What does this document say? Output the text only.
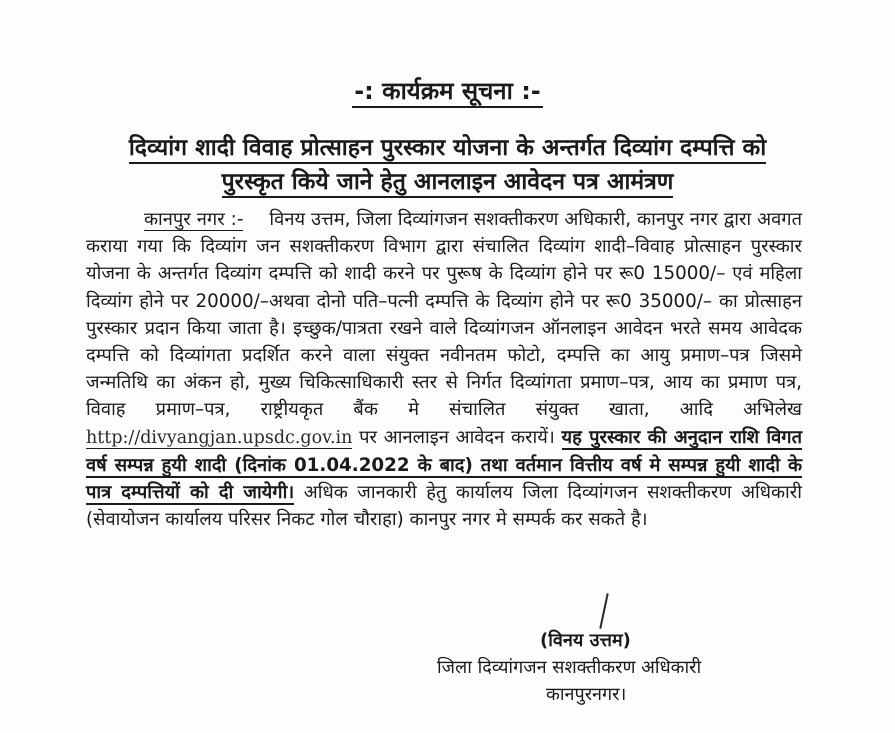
-: कार्यक्रम सूचना :-
दिव्यांग शादी विवाह प्रोत्साहन पुरस्कार योजना के अन्तर्गत दिव्यांग दम्पत्ति को
पुरस्कृत किये जाने हेतु आनलाइन आवेदन पत्र आमंत्रण
कानपुर नगर :- विनय उत्तम, जिला दिव्यांगजन सशक्तीकरण अधिकारी, कानपुर नगर द्वारा अवगत कराया गया कि दिव्यांग जन सशक्तीकरण विभाग द्वारा संचालित दिव्यांग शादी–विवाह प्रोत्साहन पुरस्कार योजना के अन्तर्गत दिव्यांग दम्पत्ति को शादी करने पर पुरूष के दिव्यांग होने पर रू0 15000/– एवं महिला दिव्यांग होने पर 20000/–अथवा दोनो पति–पत्नी दम्पत्ति के दिव्यांग होने पर रू0 35000/– का प्रोत्साहन पुरस्कार प्रदान किया जाता है। इच्छुक/पात्रता रखने वाले दिव्यांगजन ऑनलाइन आवेदन भरते समय आवेदक दम्पत्ति को दिव्यांगता प्रदर्शित करने वाला संयुक्त नवीनतम फोटो, दम्पत्ति का आयु प्रमाण–पत्र जिसमे जन्मतिथि का अंकन हो, मुख्य चिकित्साधिकारी स्तर से निर्गत दिव्यांगता प्रमाण–पत्र, आय का प्रमाण पत्र, विवाह प्रमाण–पत्र, राष्ट्रीयकृत बैंक मे संचालित संयुक्त खाता, आदि अभिलेख http://divyangjan.upsdc.gov.in पर आनलाइन आवेदन करायें। यह पुरस्कार की अनुदान राशि विगत वर्ष सम्पन्न हुयी शादी (दिनांक 01.04.2022 के बाद) तथा वर्तमान वित्तीय वर्ष मे सम्पन्न हुयी शादी के पात्र दम्पत्तियों को दी जायेगी। अधिक जानकारी हेतु कार्यालय जिला दिव्यांगजन सशक्तीकरण अधिकारी (सेवायोजन कार्यालय परिसर निकट गोल चौराहा) कानपुर नगर मे सम्पर्क कर सकते है।
(विनय उत्तम)
जिला दिव्यांगजन सशक्तीकरण अधिकारी
कानपुरनगर।
